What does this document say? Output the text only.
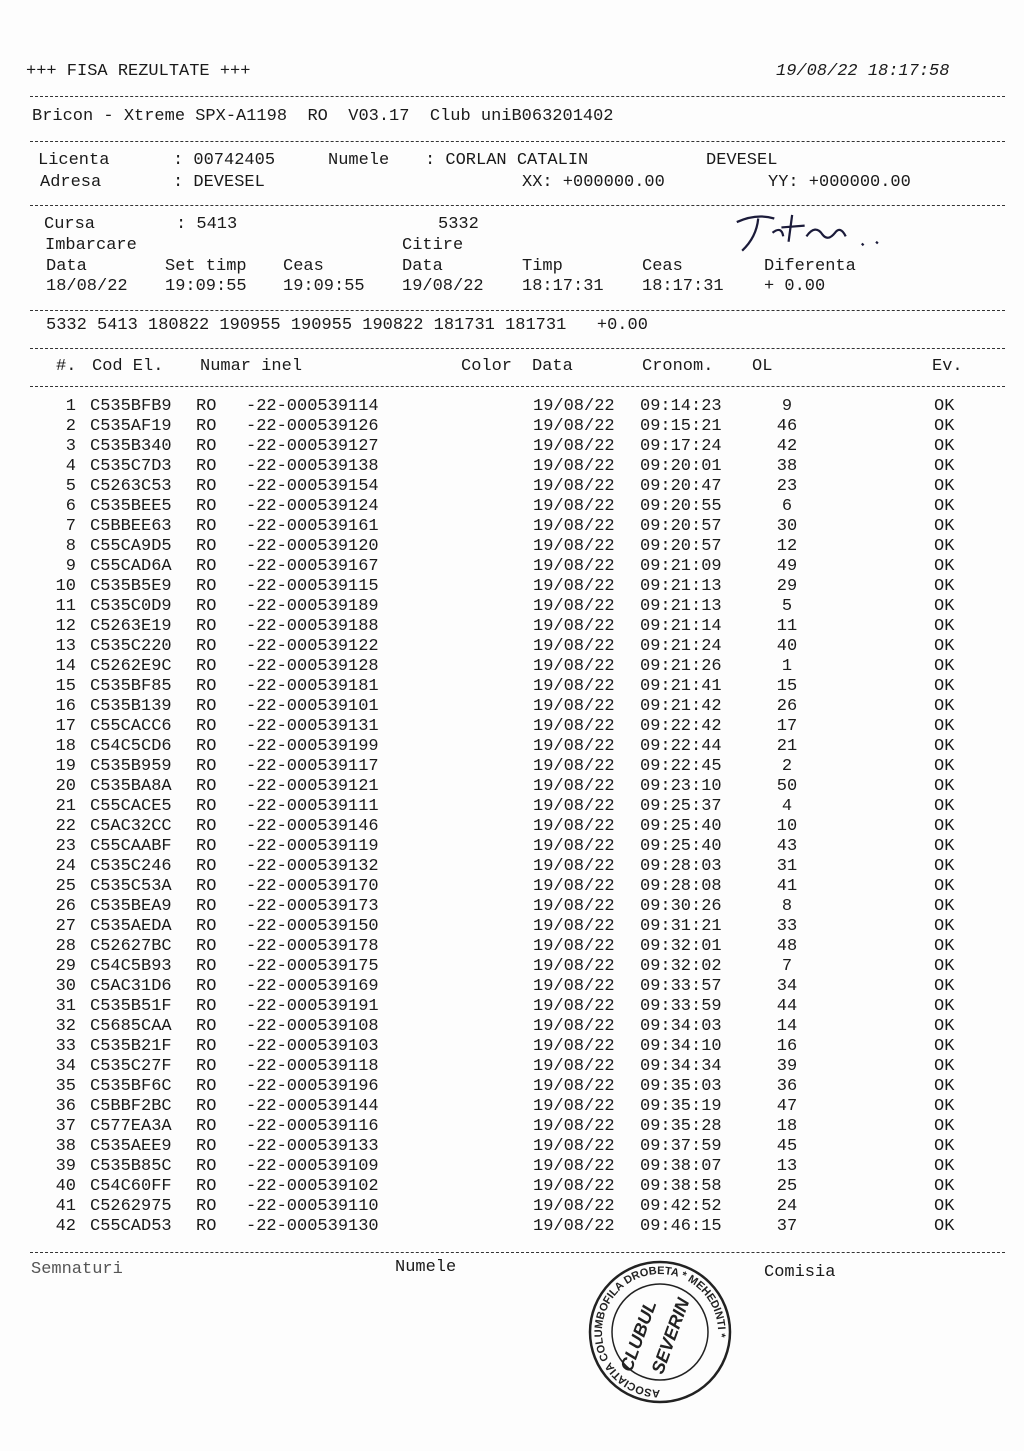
+++ FISA REZULTATE +++	19/08/22 18:17:58
Bricon - Xtreme SPX-A1198  RO  V03.17  Club uniB063201402
Licenta	: 00742405	Numele : CORLAN CATALIN	DEVESEL
Adresa	: DEVESEL	XX: +000000.00	YY: +000000.00
Cursa	: 5413	5332
Imbarcare	Citire
Data	Set timp Ceas	Data	Timp	Ceas	Diferenta
18/08/22 19:09:55 19:09:55 19/08/22 18:17:31 18:17:31 + 0.00
5332 5413 180822 190955 190955 190822 181731 181731   +0.00
#. Cod El. Numar inel	Color Data	Cronom. OL	Ev.
1 C535BFB9 RO -22-000539114	19/08/22 09:14:23	9	OK
2 C535AF19 RO -22-000539126	19/08/22 09:15:21	46	OK
3 C535B340 RO -22-000539127	19/08/22 09:17:24	42	OK
4 C535C7D3 RO -22-000539138	19/08/22 09:20:01	38	OK
5 C5263C53 RO -22-000539154	19/08/22 09:20:47	23	OK
6 C535BEE5 RO -22-000539124	19/08/22 09:20:55	6	OK
7 C5BBEE63 RO -22-000539161	19/08/22 09:20:57	30	OK
8 C55CA9D5 RO -22-000539120	19/08/22 09:20:57	12	OK
9 C55CAD6A RO -22-000539167	19/08/22 09:21:09	49	OK
10 C535B5E9 RO -22-000539115	19/08/22 09:21:13	29	OK
11 C535C0D9 RO -22-000539189	19/08/22 09:21:13	5	OK
12 C5263E19 RO -22-000539188	19/08/22 09:21:14	11	OK
13 C535C220 RO -22-000539122	19/08/22 09:21:24	40	OK
14 C5262E9C RO -22-000539128	19/08/22 09:21:26	1	OK
15 C535BF85 RO -22-000539181	19/08/22 09:21:41	15	OK
16 C535B139 RO -22-000539101	19/08/22 09:21:42	26	OK
17 C55CACC6 RO -22-000539131	19/08/22 09:22:42	17	OK
18 C54C5CD6 RO -22-000539199	19/08/22 09:22:44	21	OK
19 C535B959 RO -22-000539117	19/08/22 09:22:45	2	OK
20 C535BA8A RO -22-000539121	19/08/22 09:23:10	50	OK
21 C55CACE5 RO -22-000539111	19/08/22 09:25:37	4	OK
22 C5AC32CC RO -22-000539146	19/08/22 09:25:40	10	OK
23 C55CAABF RO -22-000539119	19/08/22 09:25:40	43	OK
24 C535C246 RO -22-000539132	19/08/22 09:28:03	31	OK
25 C535C53A RO -22-000539170	19/08/22 09:28:08	41	OK
26 C535BEA9 RO -22-000539173	19/08/22 09:30:26	8	OK
27 C535AEDA RO -22-000539150	19/08/22 09:31:21	33	OK
28 C52627BC RO -22-000539178	19/08/22 09:32:01	48	OK
29 C54C5B93 RO -22-000539175	19/08/22 09:32:02	7	OK
30 C5AC31D6 RO -22-000539169	19/08/22 09:33:57	34	OK
31 C535B51F RO -22-000539191	19/08/22 09:33:59	44	OK
32 C5685CAA RO -22-000539108	19/08/22 09:34:03	14	OK
33 C535B21F RO -22-000539103	19/08/22 09:34:10	16	OK
34 C535C27F RO -22-000539118	19/08/22 09:34:34	39	OK
35 C535BF6C RO -22-000539196	19/08/22 09:35:03	36	OK
36 C5BBF2BC RO -22-000539144	19/08/22 09:35:19	47	OK
37 C577EA3A RO -22-000539116	19/08/22 09:35:28	18	OK
38 C535AEE9 RO -22-000539133	19/08/22 09:37:59	45	OK
39 C535B85C RO -22-000539109	19/08/22 09:38:07	13	OK
40 C54C60FF RO -22-000539102	19/08/22 09:38:58	25	OK
41 C5262975 RO -22-000539110	19/08/22 09:42:52	24	OK
42 C55CAD53 RO -22-000539130	19/08/22 09:46:15	37	OK
Semnaturi	Numele	Comisia
ASOCIATIA COLUMBOFILA DROBETA * MEHEDINTI *
CLUBUL
SEVERIN
